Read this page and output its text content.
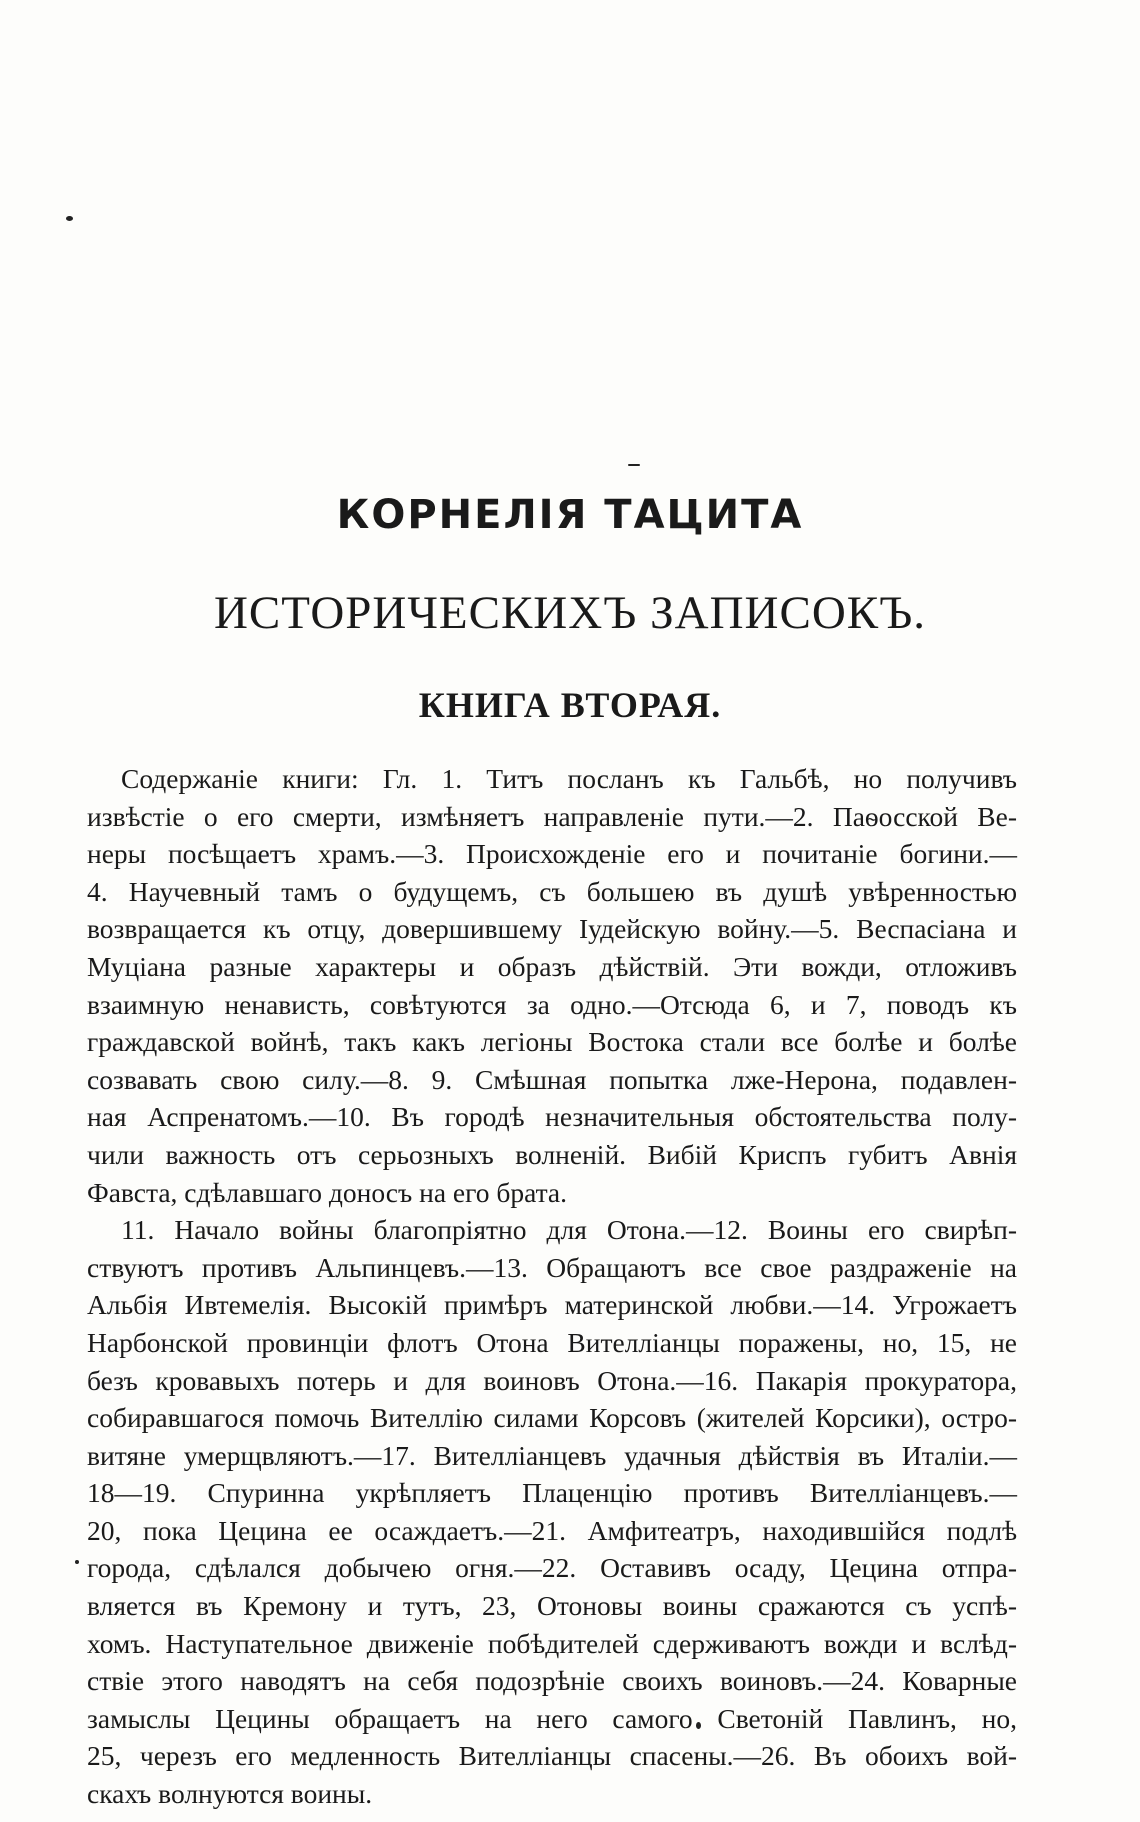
КОРНЕЛІЯ ТАЦИТА
ИСТОРИЧЕСКИХЪ ЗАПИСОКЪ.
КНИГА ВТОРАЯ.
Содержаніе книги: Гл. 1. Титъ посланъ къ Гальбѣ, но получивъ
извѣстіе о его смерти, измѣняетъ направленіе пути.—2. Паѳосской Ве-
неры посѣщаетъ храмъ.—3. Происхожденіе его и почитаніе богини.—
4. Научевный тамъ о будущемъ, съ большею въ душѣ увѣренностью
возвращается къ отцу, довершившему Іудейскую войну.—5. Веспасіана и
Муціана разные характеры и образъ дѣйствій. Эти вожди, отложивъ
взаимную ненависть, совѣтуются за одно.—Отсюда 6, и 7, поводъ къ
граждавской войнѣ, такъ какъ легіоны Востока стали все болѣе и болѣе
созвавать свою силу.—8. 9. Смѣшная попытка лже-Нерона, подавлен-
ная Аспренатомъ.—10. Въ городѣ незначительныя обстоятельства полу-
чили важность отъ серьозныхъ волненій. Вибій Криспъ губитъ Авнія
Фавста, сдѣлавшаго доносъ на его брата.
11. Начало войны благопріятно для Отона.—12. Воины его свирѣп-
ствуютъ противъ Альпинцевъ.—13. Обращаютъ все свое раздраженіе на
Альбія Ивтемелія. Высокій примѣръ материнской любви.—14. Угрожаетъ
Нарбонской провинціи флотъ Отона Вителліанцы поражены, но, 15, не
безъ кровавыхъ потерь и для воиновъ Отона.—16. Пакарія прокуратора,
собиравшагося помочь Вителлію силами Корсовъ (жителей Корсики), остро-
витяне умерщвляютъ.—17. Вителліанцевъ удачныя дѣйствія въ Италіи.—
18—19. Спуринна укрѣпляетъ Плаценцію противъ Вителліанцевъ.—
20, пока Цецина ее осаждаетъ.—21. Амфитеатръ, находившійся подлѣ
города, сдѣлался добычею огня.—22. Оставивъ осаду, Цецина отпра-
вляется въ Кремону и тутъ, 23, Отоновы воины сражаются съ успѣ-
хомъ. Наступательное движеніе побѣдителей сдерживаютъ вожди и вслѣд-
ствіе этого наводятъ на себя подозрѣніе своихъ воиновъ.—24. Коварные
замыслы Цецины обращаетъ на него самого Светоній Павлинъ, но,
25, черезъ его медленность Вителліанцы спасены.—26. Въ обоихъ вой-
скахъ волнуются воины.
